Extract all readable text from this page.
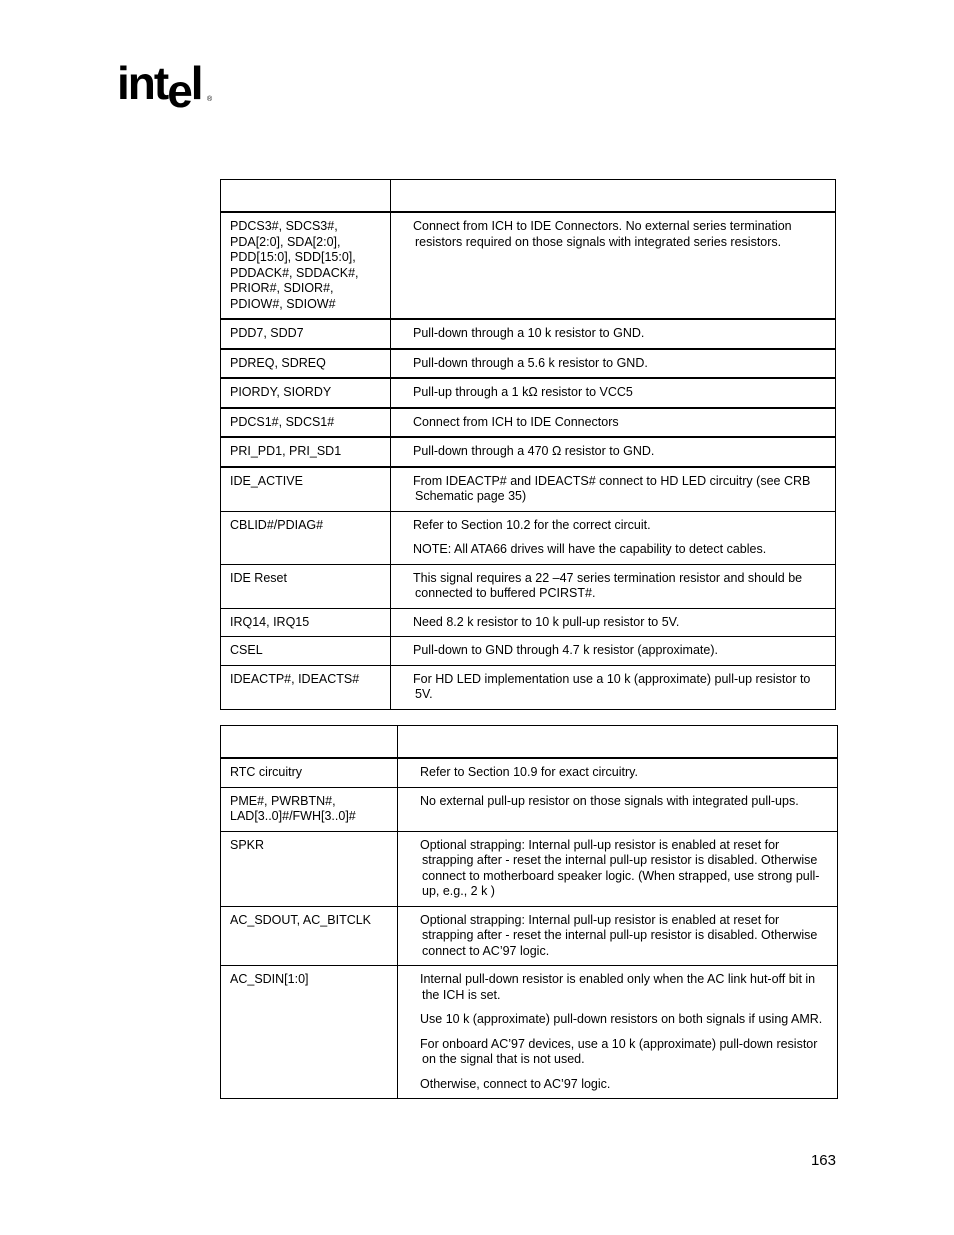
intel ®

PDCS3#, SDCS3#, PDA[2:0], SDA[2:0], PDD[15:0], SDD[15:0], PDDACK#, SDDACK#, PRIOR#, SDIOR#, PDIOW#, SDIOW#	Connect from ICH to IDE Connectors. No external series termination resistors required on those signals with integrated series resistors.

PDD7, SDD7	Pull-down through a 10 k resistor to GND.

PDREQ, SDREQ	Pull-down through a 5.6 k resistor to GND.

PIORDY, SIORDY	Pull-up through a 1 kΩ resistor to VCC5

PDCS1#, SDCS1#	Connect from ICH to IDE Connectors

PRI_PD1, PRI_SD1	Pull-down through a 470 Ω resistor to GND.

IDE_ACTIVE	From IDEACTP# and IDEACTS# connect to HD LED circuitry (see CRB Schematic page 35)

CBLID#/PDIAG#	Refer to Section 10.2 for the correct circuit.
NOTE: All ATA66 drives will have the capability to detect cables.

IDE Reset	This signal requires a 22 –47 series termination resistor and should be connected to buffered PCIRST#.

IRQ14, IRQ15	Need 8.2 k resistor to 10 k pull-up resistor to 5V.

CSEL	Pull-down to GND through 4.7 k resistor (approximate).

IDEACTP#, IDEACTS#	For HD LED implementation use a 10 k (approximate) pull-up resistor to 5V.

RTC circuitry	Refer to Section 10.9 for exact circuitry.

PME#, PWRBTN#, LAD[3..0]#/FWH[3..0]#	No external pull-up resistor on those signals with integrated pull-ups.

SPKR	Optional strapping: Internal pull-up resistor is enabled at reset for strapping after - reset the internal pull-up resistor is disabled. Otherwise connect to motherboard speaker logic. (When strapped, use strong pull-up, e.g., 2 k )

AC_SDOUT, AC_BITCLK	Optional strapping: Internal pull-up resistor is enabled at reset for strapping after - reset the internal pull-up resistor is disabled. Otherwise connect to AC’97 logic.

AC_SDIN[1:0]	Internal pull-down resistor is enabled only when the AC link hut-off bit in the ICH is set.
Use 10 k (approximate) pull-down resistors on both signals if using AMR.
For onboard AC’97 devices, use a 10 k (approximate) pull-down resistor on the signal that is not used.
Otherwise, connect to AC’97 logic.
163
